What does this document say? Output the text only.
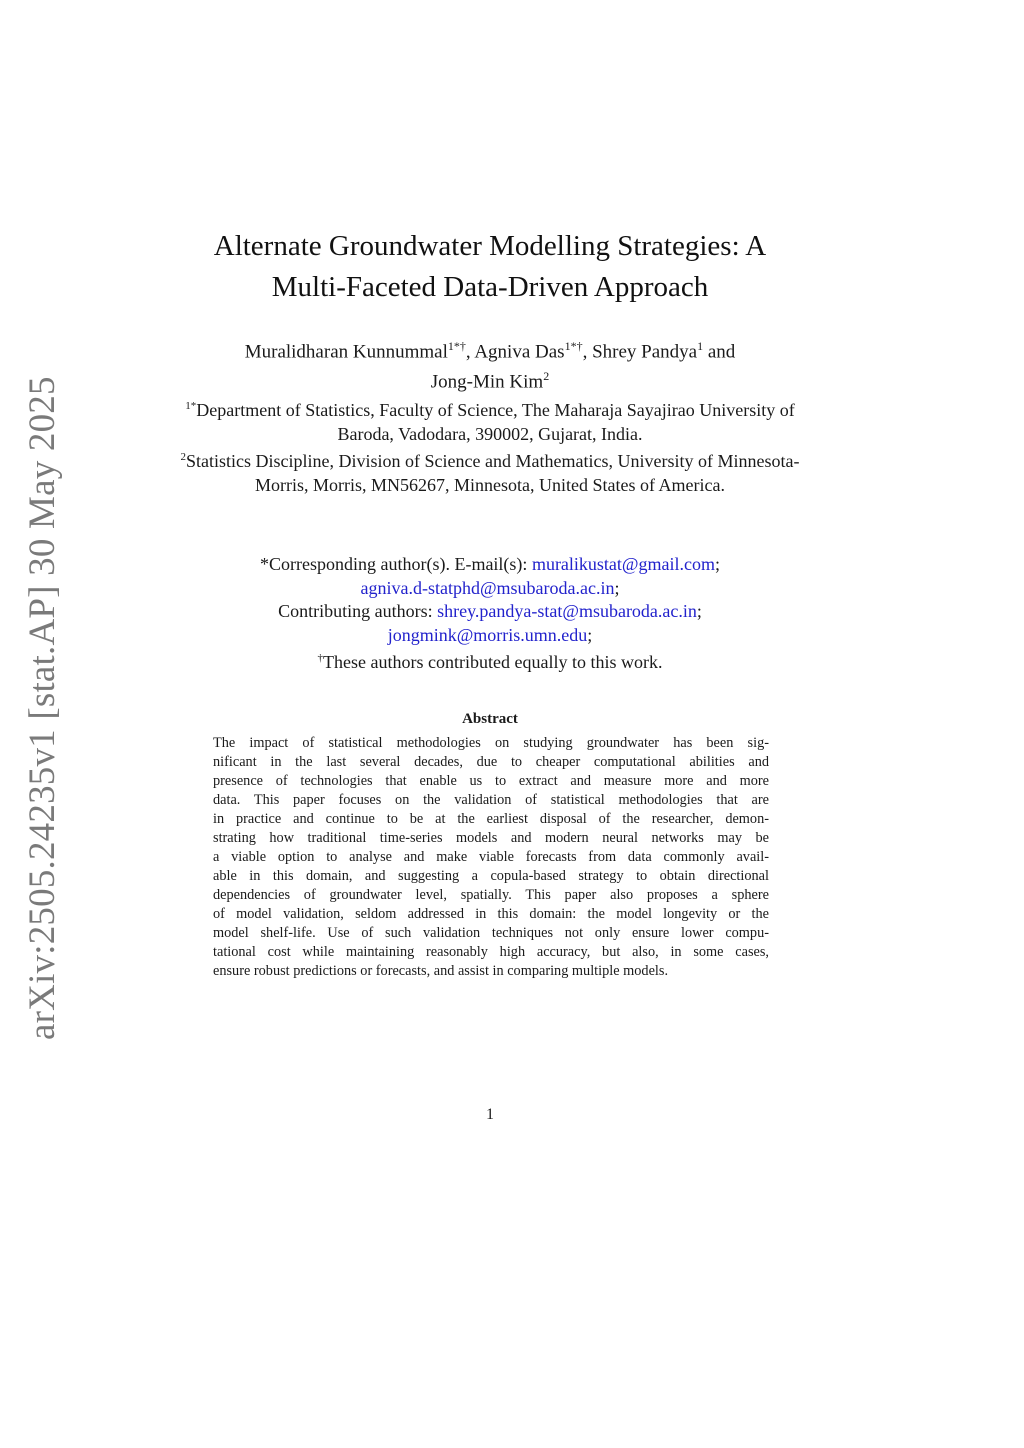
arXiv:2505.24235v1 [stat.AP] 30 May 2025
Alternate Groundwater Modelling Strategies: A
Multi-Faceted Data-Driven Approach
Muralidharan Kunnummal$^{1*\dagger}$, Agniva Das$^{1*\dagger}$, Shrey Pandya$^1$ and
Jong-Min Kim$^2$
$^{1*}$Department of Statistics, Faculty of Science, The Maharaja Sayajirao University of Baroda, Vadodara, 390002, Gujarat, India.
$^2$Statistics Discipline, Division of Science and Mathematics, University of Minnesota-Morris, Morris, MN56267, Minnesota, United States of America.
*Corresponding author(s). E-mail(s): muralikustat@gmail.com;
agniva.d-statphd@msubaroda.ac.in;
Contributing authors: shrey.pandya-stat@msubaroda.ac.in;
jongmink@morris.umn.edu;
†These authors contributed equally to this work.
Abstract
The impact of statistical methodologies on studying groundwater has been sig-
nificant in the last several decades, due to cheaper computational abilities and
presence of technologies that enable us to extract and measure more and more
data. This paper focuses on the validation of statistical methodologies that are
in practice and continue to be at the earliest disposal of the researcher, demon-
strating how traditional time-series models and modern neural networks may be
a viable option to analyse and make viable forecasts from data commonly avail-
able in this domain, and suggesting a copula-based strategy to obtain directional
dependencies of groundwater level, spatially. This paper also proposes a sphere
of model validation, seldom addressed in this domain: the model longevity or the
model shelf-life. Use of such validation techniques not only ensure lower compu-
tational cost while maintaining reasonably high accuracy, but also, in some cases,
ensure robust predictions or forecasts, and assist in comparing multiple models.
1
